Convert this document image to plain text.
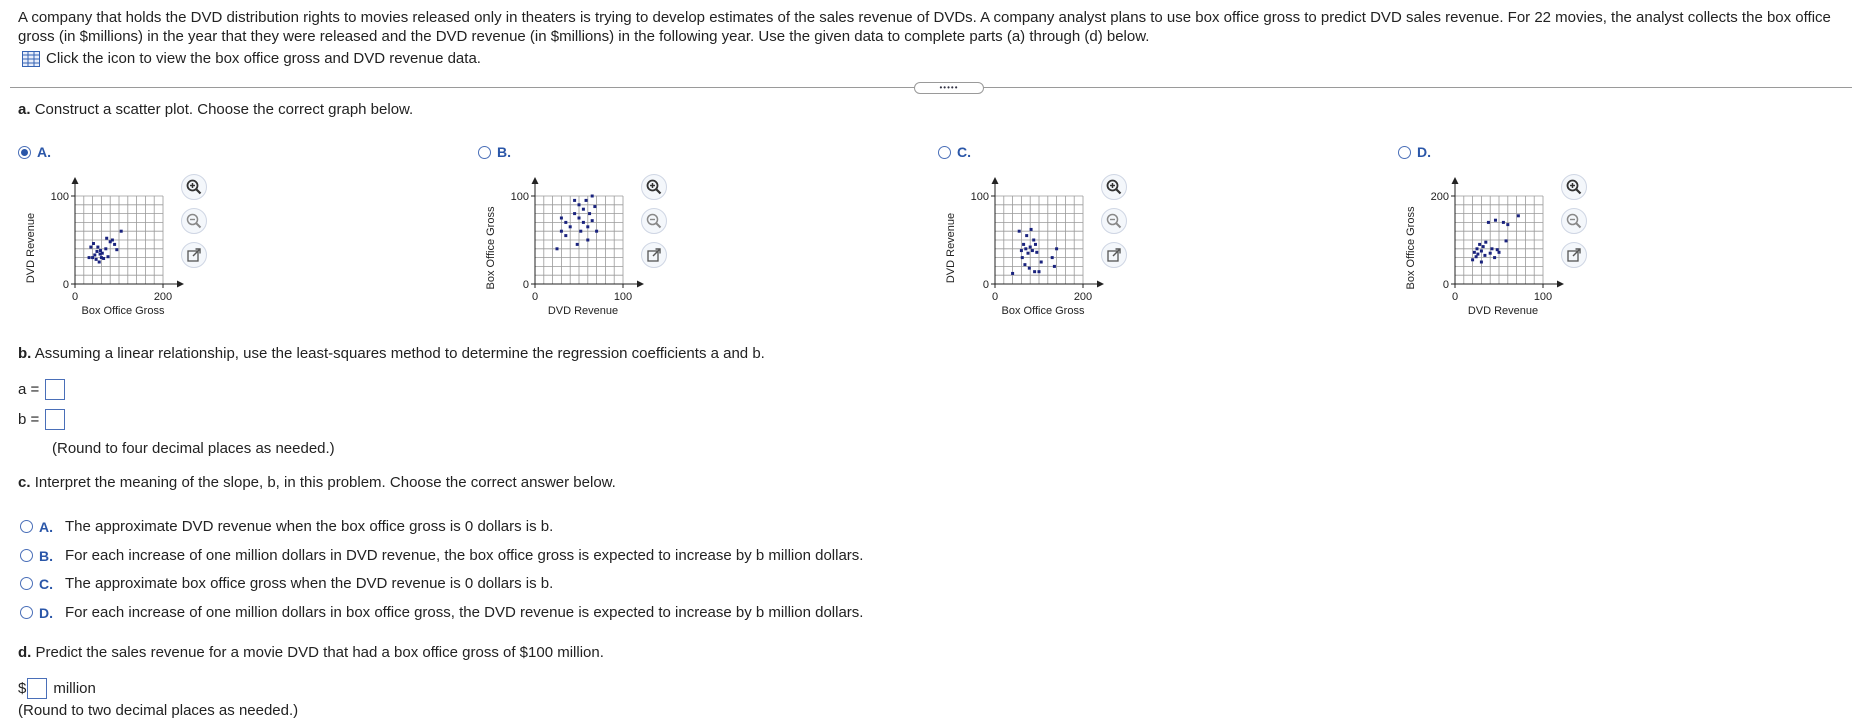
A company that holds the DVD distribution rights to movies released only in theaters is trying to develop estimates of the sales revenue of DVDs. A company analyst plans to use box office gross to predict DVD sales revenue. For 22 movies, the analyst collects the box office gross (in $millions) in the year that they were released and the DVD revenue (in $millions) in the following year. Use the given data to complete parts (a) through (d) below.
Click the icon to view the box office gross and DVD revenue data.
•••••
a. Construct a scatter plot. Choose the correct graph below.
A.
100
0
0	200
Box Office Gross
DVD Revenue
B.
100
0
0	100
DVD Revenue
Box Office Gross
C.
100
0
0	200
Box Office Gross
DVD Revenue
D.
200
0
0	100
DVD Revenue
Box Office Gross
b. Assuming a linear relationship, use the least-squares method to determine the regression coefficients a and b.
a =
b =
(Round to four decimal places as needed.)
c. Interpret the meaning of the slope, b, in this problem. Choose the correct answer below.
A. The approximate DVD revenue when the box office gross is 0 dollars is b.
B. For each increase of one million dollars in DVD revenue, the box office gross is expected to increase by b million dollars.
C. The approximate box office gross when the DVD revenue is 0 dollars is b.
D. For each increase of one million dollars in box office gross, the DVD revenue is expected to increase by b million dollars.
d. Predict the sales revenue for a movie DVD that had a box office gross of $100 million.
$ million
(Round to two decimal places as needed.)
